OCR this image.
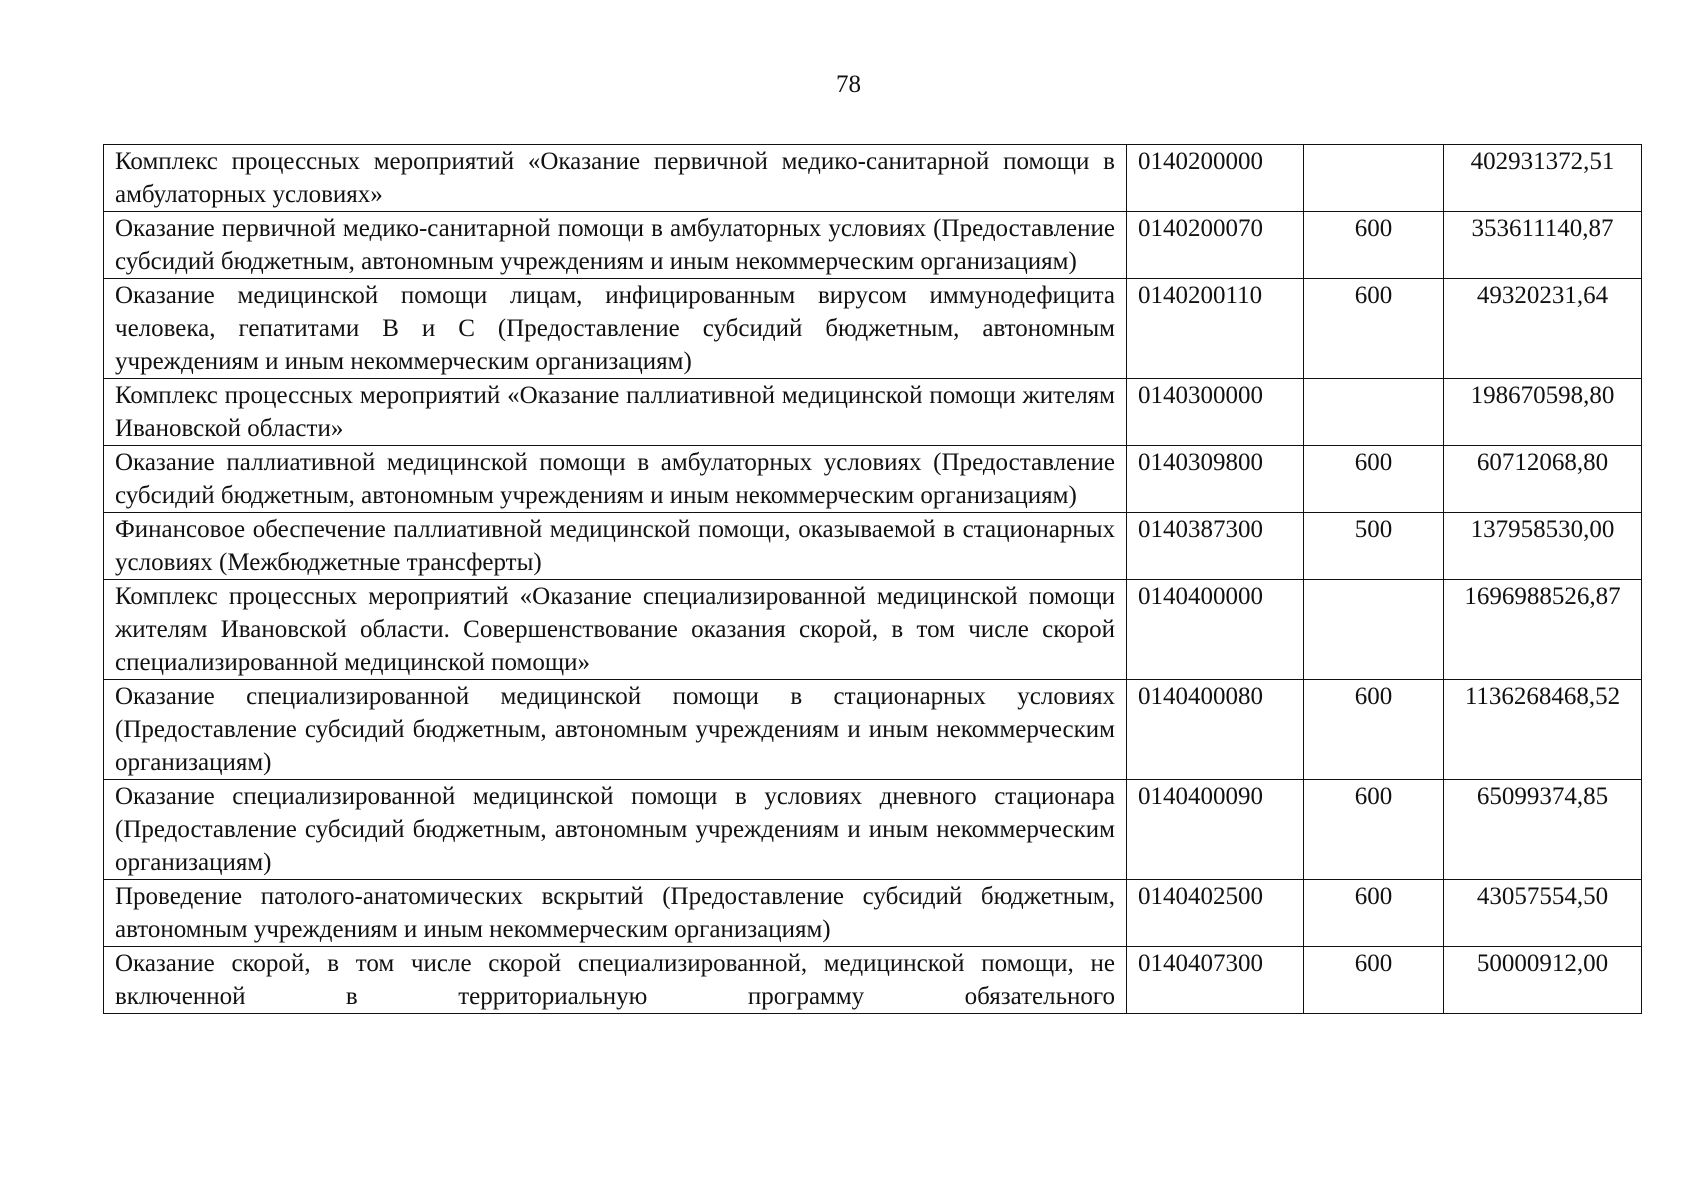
78
Комплекс процессных мероприятий «Оказание первичной медико-санитарной помощи в амбулаторных условиях»	0140200000		402931372,51
Оказание первичной медико-санитарной помощи в амбулаторных условиях (Предоставление субсидий бюджетным, автономным учреждениям и иным некоммерческим организациям)	0140200070	600	353611140,87
Оказание медицинской помощи лицам, инфицированным вирусом иммунодефицита человека, гепатитами B и C (Предоставление субсидий бюджетным, автономным учреждениям и иным некоммерческим организациям)	0140200110	600	49320231,64
Комплекс процессных мероприятий «Оказание паллиативной медицинской помощи жителям Ивановской области»	0140300000		198670598,80
Оказание паллиативной медицинской помощи в амбулаторных условиях (Предоставление субсидий бюджетным, автономным учреждениям и иным некоммерческим организациям)	0140309800	600	60712068,80
Финансовое обеспечение паллиативной медицинской помощи, оказываемой в стационарных условиях (Межбюджетные трансферты)	0140387300	500	137958530,00
Комплекс процессных мероприятий «Оказание специализированной медицинской помощи жителям Ивановской области. Совершенствование оказания скорой, в том числе скорой специализированной медицинской помощи»	0140400000		1696988526,87
Оказание специализированной медицинской помощи в стационарных условиях (Предоставление субсидий бюджетным, автономным учреждениям и иным некоммерческим организациям)	0140400080	600	1136268468,52
Оказание специализированной медицинской помощи в условиях дневного стационара (Предоставление субсидий бюджетным, автономным учреждениям и иным некоммерческим организациям)	0140400090	600	65099374,85
Проведение патолого-анатомических вскрытий (Предоставление субсидий бюджетным, автономным учреждениям и иным некоммерческим организациям)	0140402500	600	43057554,50
Оказание скорой, в том числе скорой специализированной, медицинской помощи, не включенной в территориальную программу обязательного	0140407300	600	50000912,00
